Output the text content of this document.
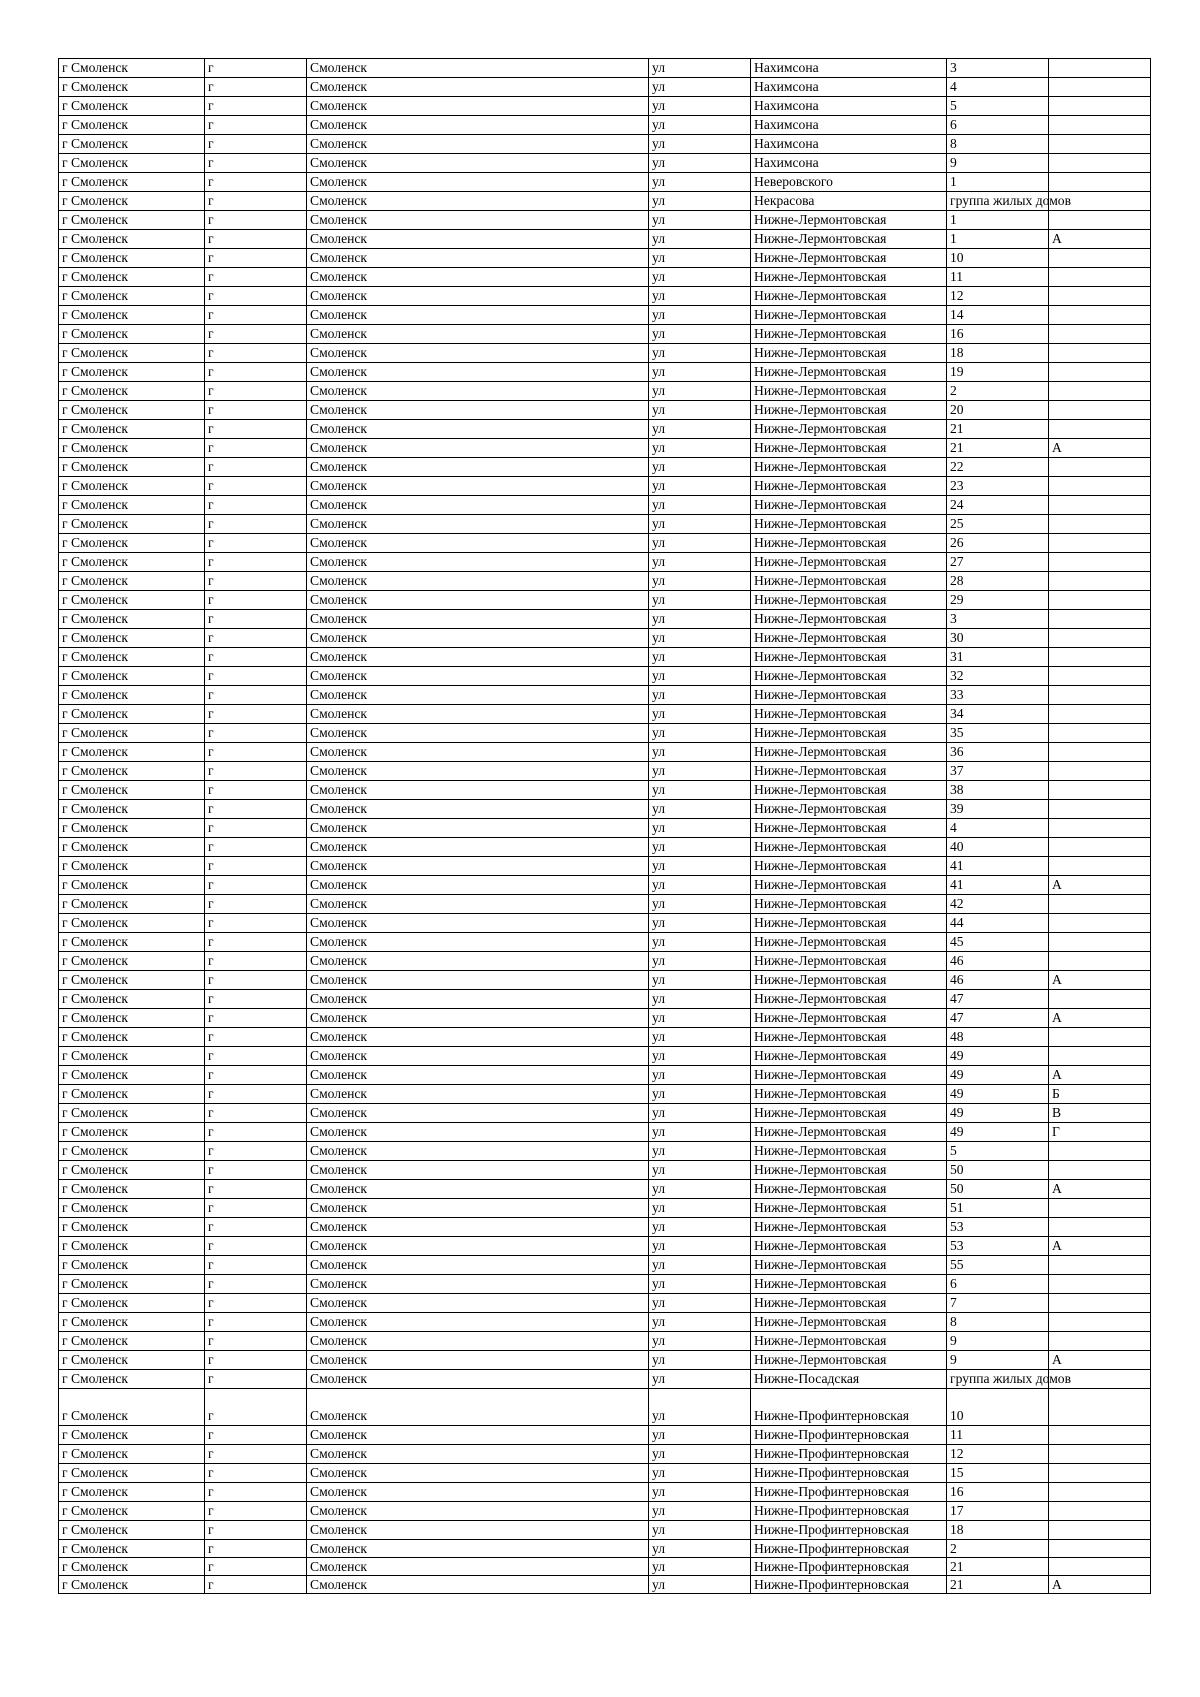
г Смоленск	г	Смоленск	ул	Нахимсона	3	
г Смоленск	г	Смоленск	ул	Нахимсона	4	
г Смоленск	г	Смоленск	ул	Нахимсона	5	
г Смоленск	г	Смоленск	ул	Нахимсона	6	
г Смоленск	г	Смоленск	ул	Нахимсона	8	
г Смоленск	г	Смоленск	ул	Нахимсона	9	
г Смоленск	г	Смоленск	ул	Неверовского	1	
г Смоленск	г	Смоленск	ул	Некрасова	группа жилых домов	
г Смоленск	г	Смоленск	ул	Нижне-Лермонтовская	1	
г Смоленск	г	Смоленск	ул	Нижне-Лермонтовская	1	А
г Смоленск	г	Смоленск	ул	Нижне-Лермонтовская	10	
г Смоленск	г	Смоленск	ул	Нижне-Лермонтовская	11	
г Смоленск	г	Смоленск	ул	Нижне-Лермонтовская	12	
г Смоленск	г	Смоленск	ул	Нижне-Лермонтовская	14	
г Смоленск	г	Смоленск	ул	Нижне-Лермонтовская	16	
г Смоленск	г	Смоленск	ул	Нижне-Лермонтовская	18	
г Смоленск	г	Смоленск	ул	Нижне-Лермонтовская	19	
г Смоленск	г	Смоленск	ул	Нижне-Лермонтовская	2	
г Смоленск	г	Смоленск	ул	Нижне-Лермонтовская	20	
г Смоленск	г	Смоленск	ул	Нижне-Лермонтовская	21	
г Смоленск	г	Смоленск	ул	Нижне-Лермонтовская	21	А
г Смоленск	г	Смоленск	ул	Нижне-Лермонтовская	22	
г Смоленск	г	Смоленск	ул	Нижне-Лермонтовская	23	
г Смоленск	г	Смоленск	ул	Нижне-Лермонтовская	24	
г Смоленск	г	Смоленск	ул	Нижне-Лермонтовская	25	
г Смоленск	г	Смоленск	ул	Нижне-Лермонтовская	26	
г Смоленск	г	Смоленск	ул	Нижне-Лермонтовская	27	
г Смоленск	г	Смоленск	ул	Нижне-Лермонтовская	28	
г Смоленск	г	Смоленск	ул	Нижне-Лермонтовская	29	
г Смоленск	г	Смоленск	ул	Нижне-Лермонтовская	3	
г Смоленск	г	Смоленск	ул	Нижне-Лермонтовская	30	
г Смоленск	г	Смоленск	ул	Нижне-Лермонтовская	31	
г Смоленск	г	Смоленск	ул	Нижне-Лермонтовская	32	
г Смоленск	г	Смоленск	ул	Нижне-Лермонтовская	33	
г Смоленск	г	Смоленск	ул	Нижне-Лермонтовская	34	
г Смоленск	г	Смоленск	ул	Нижне-Лермонтовская	35	
г Смоленск	г	Смоленск	ул	Нижне-Лермонтовская	36	
г Смоленск	г	Смоленск	ул	Нижне-Лермонтовская	37	
г Смоленск	г	Смоленск	ул	Нижне-Лермонтовская	38	
г Смоленск	г	Смоленск	ул	Нижне-Лермонтовская	39	
г Смоленск	г	Смоленск	ул	Нижне-Лермонтовская	4	
г Смоленск	г	Смоленск	ул	Нижне-Лермонтовская	40	
г Смоленск	г	Смоленск	ул	Нижне-Лермонтовская	41	
г Смоленск	г	Смоленск	ул	Нижне-Лермонтовская	41	А
г Смоленск	г	Смоленск	ул	Нижне-Лермонтовская	42	
г Смоленск	г	Смоленск	ул	Нижне-Лермонтовская	44	
г Смоленск	г	Смоленск	ул	Нижне-Лермонтовская	45	
г Смоленск	г	Смоленск	ул	Нижне-Лермонтовская	46	
г Смоленск	г	Смоленск	ул	Нижне-Лермонтовская	46	А
г Смоленск	г	Смоленск	ул	Нижне-Лермонтовская	47	
г Смоленск	г	Смоленск	ул	Нижне-Лермонтовская	47	А
г Смоленск	г	Смоленск	ул	Нижне-Лермонтовская	48	
г Смоленск	г	Смоленск	ул	Нижне-Лермонтовская	49	
г Смоленск	г	Смоленск	ул	Нижне-Лермонтовская	49	А
г Смоленск	г	Смоленск	ул	Нижне-Лермонтовская	49	Б
г Смоленск	г	Смоленск	ул	Нижне-Лермонтовская	49	В
г Смоленск	г	Смоленск	ул	Нижне-Лермонтовская	49	Г
г Смоленск	г	Смоленск	ул	Нижне-Лермонтовская	5	
г Смоленск	г	Смоленск	ул	Нижне-Лермонтовская	50	
г Смоленск	г	Смоленск	ул	Нижне-Лермонтовская	50	А
г Смоленск	г	Смоленск	ул	Нижне-Лермонтовская	51	
г Смоленск	г	Смоленск	ул	Нижне-Лермонтовская	53	
г Смоленск	г	Смоленск	ул	Нижне-Лермонтовская	53	А
г Смоленск	г	Смоленск	ул	Нижне-Лермонтовская	55	
г Смоленск	г	Смоленск	ул	Нижне-Лермонтовская	6	
г Смоленск	г	Смоленск	ул	Нижне-Лермонтовская	7	
г Смоленск	г	Смоленск	ул	Нижне-Лермонтовская	8	
г Смоленск	г	Смоленск	ул	Нижне-Лермонтовская	9	
г Смоленск	г	Смоленск	ул	Нижне-Лермонтовская	9	А
г Смоленск	г	Смоленск	ул	Нижне-Посадская	группа жилых домов	
г Смоленск	г	Смоленск	ул	Нижне-Профинтерновская	10	
г Смоленск	г	Смоленск	ул	Нижне-Профинтерновская	11	
г Смоленск	г	Смоленск	ул	Нижне-Профинтерновская	12	
г Смоленск	г	Смоленск	ул	Нижне-Профинтерновская	15	
г Смоленск	г	Смоленск	ул	Нижне-Профинтерновская	16	
г Смоленск	г	Смоленск	ул	Нижне-Профинтерновская	17	
г Смоленск	г	Смоленск	ул	Нижне-Профинтерновская	18	
г Смоленск	г	Смоленск	ул	Нижне-Профинтерновская	2	
г Смоленск	г	Смоленск	ул	Нижне-Профинтерновская	21	
г Смоленск	г	Смоленск	ул	Нижне-Профинтерновская	21	А
